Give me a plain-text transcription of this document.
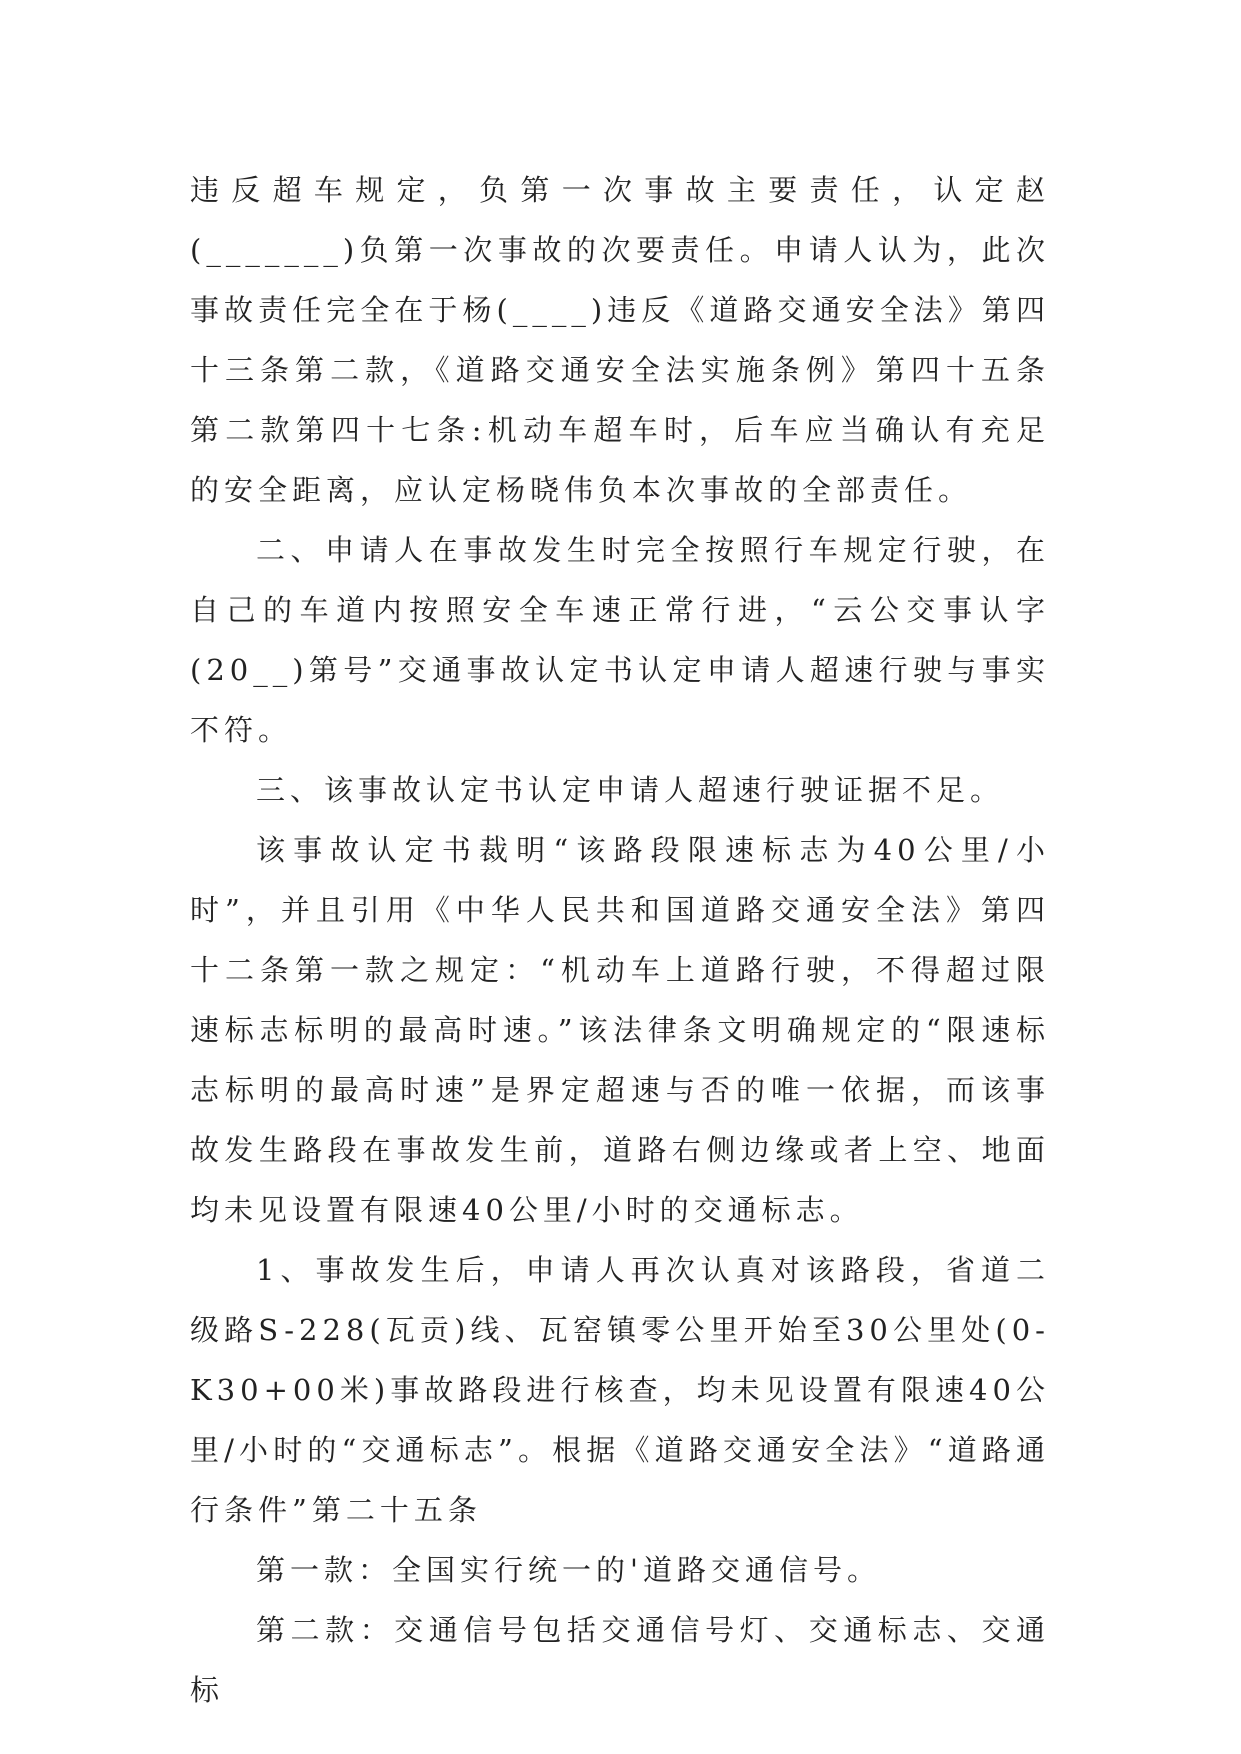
违反超车规定，负第一次事故主要责任，认定赵(_______)负第一次事故的次要责任。申请人认为，此次事故责任完全在于杨(____)违反《道路交通安全法》第四十三条第二款，《道路交通安全法实施条例》第四十五条第二款第四十七条:机动车超车时，后车应当确认有充足的安全距离，应认定杨晓伟负本次事故的全部责任。

二、申请人在事故发生时完全按照行车规定行驶，在自己的车道内按照安全车速正常行进，“云公交事认字(20__)第号”交通事故认定书认定申请人超速行驶与事实不符。

三、该事故认定书认定申请人超速行驶证据不足。

该事故认定书裁明“该路段限速标志为40公里/小时”，并且引用《中华人民共和国道路交通安全法》第四十二条第一款之规定：“机动车上道路行驶，不得超过限速标志标明的最高时速。”该法律条文明确规定的“限速标志标明的最高时速”是界定超速与否的唯一依据，而该事故发生路段在事故发生前，道路右侧边缘或者上空、地面均未见设置有限速40公里/小时的交通标志。

1、事故发生后，申请人再次认真对该路段，省道二级路S-228(瓦贡)线、瓦窑镇零公里开始至30公里处(0-K30+00米)事故路段进行核查，均未见设置有限速40公里/小时的“交通标志”。根据《道路交通安全法》“道路通行条件”第二十五条

第一款：全国实行统一的'道路交通信号。

第二款：交通信号包括交通信号灯、交通标志、交通标
